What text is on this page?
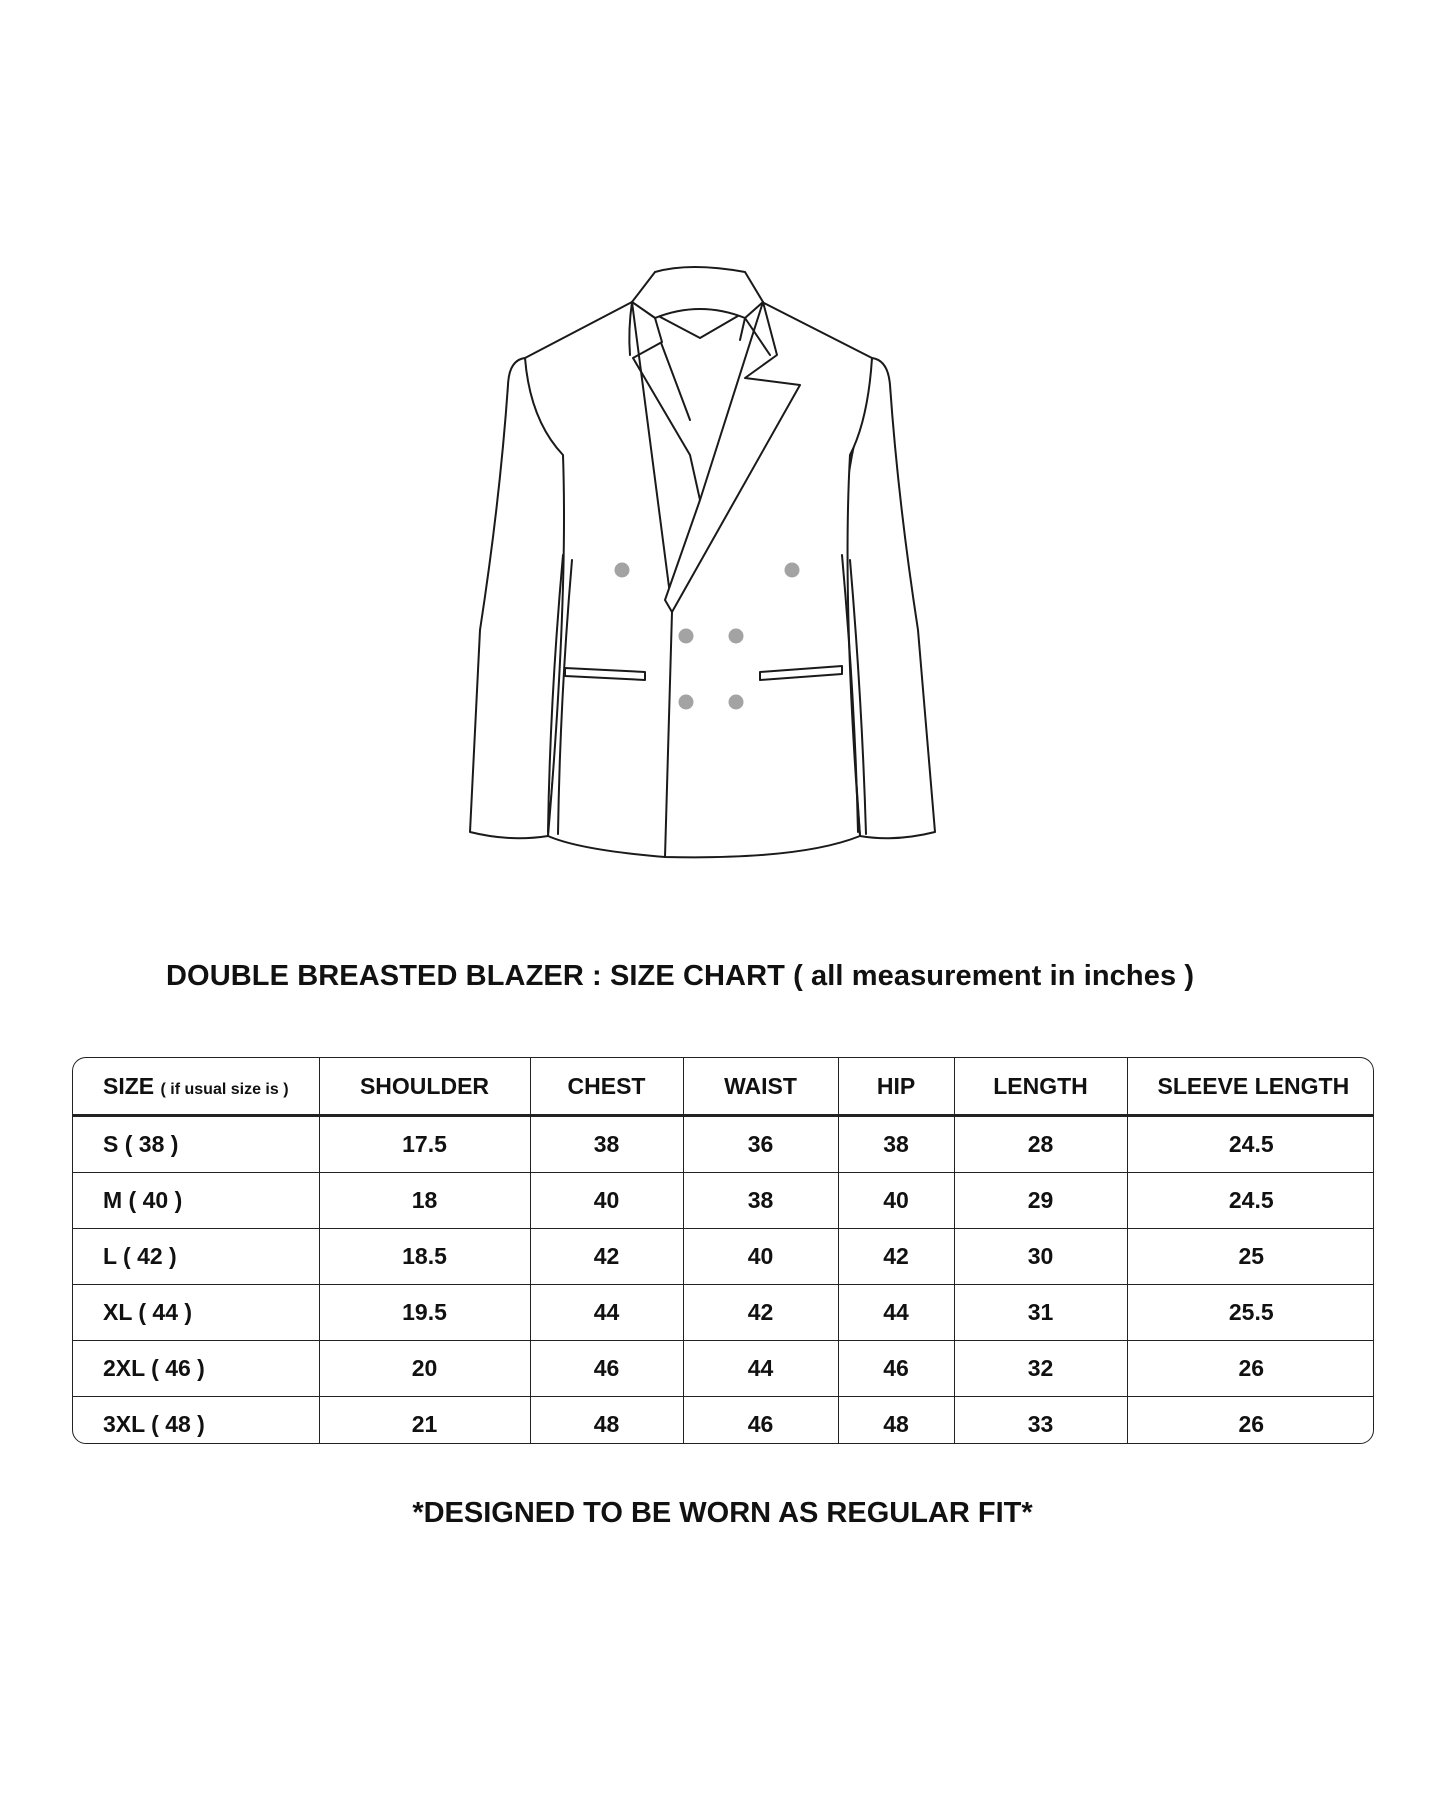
DOUBLE BREASTED BLAZER : SIZE CHART ( all measurement in inches )
SIZE ( if usual size is )	SHOULDER	CHEST	WAIST	HIP	LENGTH	SLEEVE LENGTH
S ( 38 )	17.5	38	36	38	28	24.5
M ( 40 )	18	40	38	40	29	24.5
L ( 42 )	18.5	42	40	42	30	25
XL ( 44 )	19.5	44	42	44	31	25.5
2XL ( 46 )	20	46	44	46	32	26
3XL ( 48 )	21	48	46	48	33	26
*DESIGNED TO BE WORN AS REGULAR FIT*
